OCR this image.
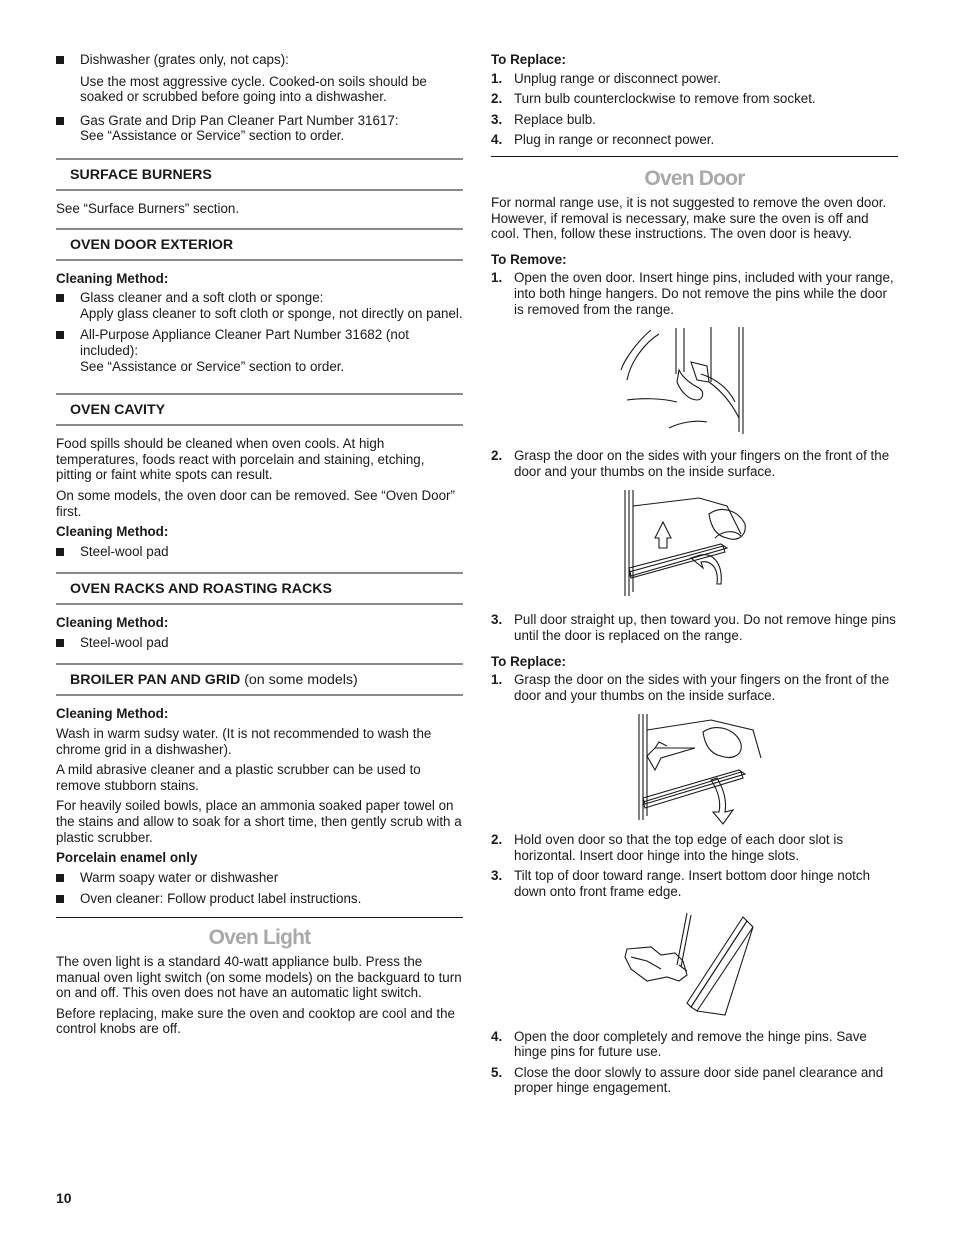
Dishwasher (grates only, not caps):

Use the most aggressive cycle. Cooked-on soils should be soaked or scrubbed before going into a dishwasher.

Gas Grate and Drip Pan Cleaner Part Number 31617:
See “Assistance or Service” section to order.
SURFACE BURNERS

See “Surface Burners” section.

OVEN DOOR EXTERIOR
Cleaning Method:
Glass cleaner and a soft cloth or sponge:
Apply glass cleaner to soft cloth or sponge, not directly on panel.
All-Purpose Appliance Cleaner Part Number 31682 (not included):
See “Assistance or Service” section to order.
OVEN CAVITY

Food spills should be cleaned when oven cools. At high temperatures, foods react with porcelain and staining, etching, pitting or faint white spots can result.

On some models, the oven door can be removed. See “Oven Door” first.

Cleaning Method:
Steel-wool pad
OVEN RACKS AND ROASTING RACKS
Cleaning Method:
Steel-wool pad
BROILER PAN AND GRID (on some models)
Cleaning Method:

Wash in warm sudsy water. (It is not recommended to wash the chrome grid in a dishwasher).

A mild abrasive cleaner and a plastic scrubber can be used to remove stubborn stains.

For heavily soiled bowls, place an ammonia soaked paper towel on the stains and allow to soak for a short time, then gently scrub with a plastic scrubber.

Porcelain enamel only
Warm soapy water or dishwasher
Oven cleaner: Follow product label instructions.
Oven Light

The oven light is a standard 40-watt appliance bulb. Press the manual oven light switch (on some models) on the backguard to turn on and off. This oven does not have an automatic light switch.

Before replacing, make sure the oven and cooktop are cool and the control knobs are off.

To Replace:
1. Unplug range or disconnect power.
2. Turn bulb counterclockwise to remove from socket.
3. Replace bulb.
4. Plug in range or reconnect power.
Oven Door

For normal range use, it is not suggested to remove the oven door. However, if removal is necessary, make sure the oven is off and cool. Then, follow these instructions. The oven door is heavy.

To Remove:
1. Open the oven door. Insert hinge pins, included with your range, into both hinge hangers. Do not remove the pins while the door is removed from the range.
2. Grasp the door on the sides with your fingers on the front of the door and your thumbs on the inside surface.
3. Pull door straight up, then toward you. Do not remove hinge pins until the door is replaced on the range.
To Replace:
1. Grasp the door on the sides with your fingers on the front of the door and your thumbs on the inside surface.
2. Hold oven door so that the top edge of each door slot is horizontal. Insert door hinge into the hinge slots.
3. Tilt top of door toward range. Insert bottom door hinge notch down onto front frame edge.
4. Open the door completely and remove the hinge pins. Save hinge pins for future use.
5. Close the door slowly to assure door side panel clearance and proper hinge engagement.
10
